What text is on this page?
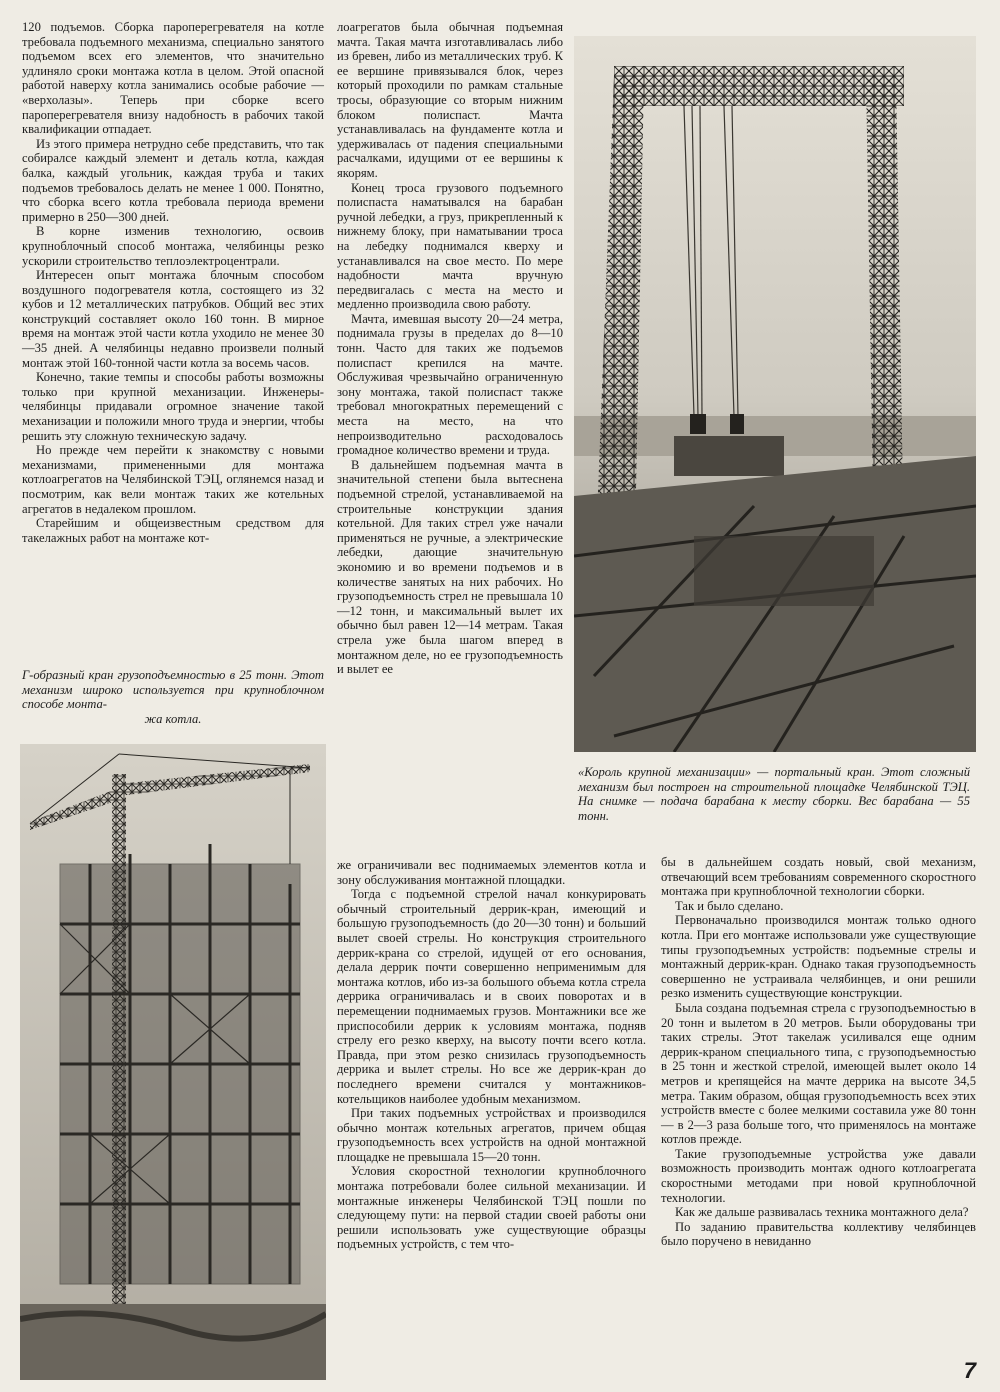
120 подъемов. Сборка пароперегревателя на котле требовала подъемного механизма, специально занятого подъемом всех его элементов, что значительно удлиняло сроки монтажа котла в целом. Этой опасной работой наверху котла занимались особые рабочие — «верхолазы». Теперь при сборке всего пароперегревателя внизу надобность в рабочих такой квалификации отпадает.

Из этого примера нетрудно себе представить, что так собиралсе каждый элемент и деталь котла, каждая балка, каждый угольник, каждая труба и таких подъемов требовалось делать не менее 1 000. Понятно, что сборка всего котла требовала периода времени примерно в 250—300 дней.

В корне изменив технологию, освоив крупноблочный способ монтажа, челябинцы резко ускорили строительство теплоэлектроцентрали.

Интересен опыт монтажа блочным способом воздушного подогревателя котла, состоящего из 32 кубов и 12 металлических патрубков. Общий вес этих конструкций составляет около 160 тонн. В мирное время на монтаж этой части котла уходило не менее 30—35 дней. А челябинцы недавно произвели полный монтаж этой 160-тонной части котла за восемь часов.

Конечно, такие темпы и способы работы возможны только при крупной механизации. Инженеры-челябинцы придавали огромное значение такой механизации и положили много труда и энергии, чтобы решить эту сложную техническую задачу.

Но прежде чем перейти к знакомству с новыми механизмами, примененными для монтажа котлоагрегатов на Челябинской ТЭЦ, оглянемся назад и посмотрим, как вели монтаж таких же котельных агрегатов в недалеком прошлом.

Старейшим и общеизвестным средством для такелажных работ на монтаже кот-

Г-образный кран грузоподъемностью в 25 тонн. Этот механизм широко используется при крупноблочном способе монта-
жа котла.

лоагрегатов была обычная подъемная мачта. Такая мачта изготавливалась либо из бревен, либо из металлических труб. К ее вершине привязывался блок, через который проходили по рамкам стальные тросы, образующие со вторым нижним блоком полиспаст. Мачта устанавливалась на фундаменте котла и удерживалась от падения специальными расчалками, идущими от ее вершины к якорям.

Конец троса грузового подъемного полиспаста наматывался на барабан ручной лебедки, а груз, прикрепленный к нижнему блоку, при наматывании троса на лебедку поднимался кверху и устанавливался на свое место. По мере надобности мачта вручную передвигалась с места на место и медленно производила свою работу.

Мачта, имевшая высоту 20—24 метра, поднимала грузы в пределах до 8—10 тонн. Часто для таких же подъемов полиспаст крепился на мачте. Обслуживая чрезвычайно ограниченную зону монтажа, такой полиспаст также требовал многократных перемещений с места на место, на что непроизводительно расходовалось громадное количество времени и труда.

В дальнейшем подъемная мачта в значительной степени была вытеснена подъемной стрелой, устанавливаемой на строительные конструкции здания котельной. Для таких стрел уже начали применяться не ручные, а электрические лебедки, дающие значительную экономию и во времени подъемов и в количестве занятых на них рабочих. Но грузоподъемность стрел не превышала 10—12 тонн, и максимальный вылет их обычно был равен 12—14 метрам. Такая стрела уже была шагом вперед в монтажном деле, но ее грузоподъемность и вылет ее

«Король крупной механизации» — портальный кран. Этот сложный механизм был построен на строительной площадке Челябинской ТЭЦ. На снимке — подача барабана к месту сборки. Вес барабана — 55 тонн.

же ограничивали вес поднимаемых элементов котла и зону обслуживания монтажной площадки.

Тогда с подъемной стрелой начал конкурировать обычный строительный деррик-кран, имеющий и большую грузоподъемность (до 20—30 тонн) и больший вылет своей стрелы. Но конструкция строительного деррик-крана со стрелой, идущей от его основания, делала деррик почти совершенно неприменимым для монтажа котлов, ибо из-за большого объема котла стрела деррика ограничивалась и в своих поворотах и в перемещении поднимаемых грузов. Монтажники все же приспособили деррик к условиям монтажа, подняв стрелу его резко кверху, на высоту почти всего котла. Правда, при этом резко снизилась грузоподъемность деррика и вылет стрелы. Но все же деррик-кран до последнего времени считался у монтажников-котельщиков наиболее удобным механизмом.

При таких подъемных устройствах и производился обычно монтаж котельных агрегатов, причем общая грузоподъемность всех устройств на одной монтажной площадке не превышала 15—20 тонн.

Условия скоростной технологии крупноблочного монтажа потребовали более сильной механизации. И монтажные инженеры Челябинской ТЭЦ пошли по следующему пути: на первой стадии своей работы они решили использовать уже существующие образцы подъемных устройств, с тем что-

бы в дальнейшем создать новый, свой механизм, отвечающий всем требованиям современного скоростного монтажа при крупноблочной технологии сборки.

Так и было сделано.

Первоначально производился монтаж только одного котла. При его монтаже использовали уже существующие типы грузоподъемных устройств: подъемные стрелы и монтажный деррик-кран. Однако такая грузоподъемность совершенно не устраивала челябинцев, и они решили резко изменить существующие конструкции.

Была создана подъемная стрела с грузоподъемностью в 20 тонн и вылетом в 20 метров. Были оборудованы три таких стрелы. Этот такелаж усиливался еще одним деррик-краном специального типа, с грузоподъемностью в 25 тонн и жесткой стрелой, имеющей вылет около 14 метров и крепящейся на мачте деррика на высоте 34,5 метра. Таким образом, общая грузоподъемность всех этих устройств вместе с более мелкими составила уже 80 тонн — в 2—3 раза больше того, что применялось на монтаже котлов прежде.

Такие грузоподъемные устройства уже давали возможность производить монтаж одного котлоагрегата скоростными методами при новой крупноблочной технологии.

Как же дальше развивалась техника монтажного дела?

По заданию правительства коллективу челябинцев было поручено в невиданно

7
